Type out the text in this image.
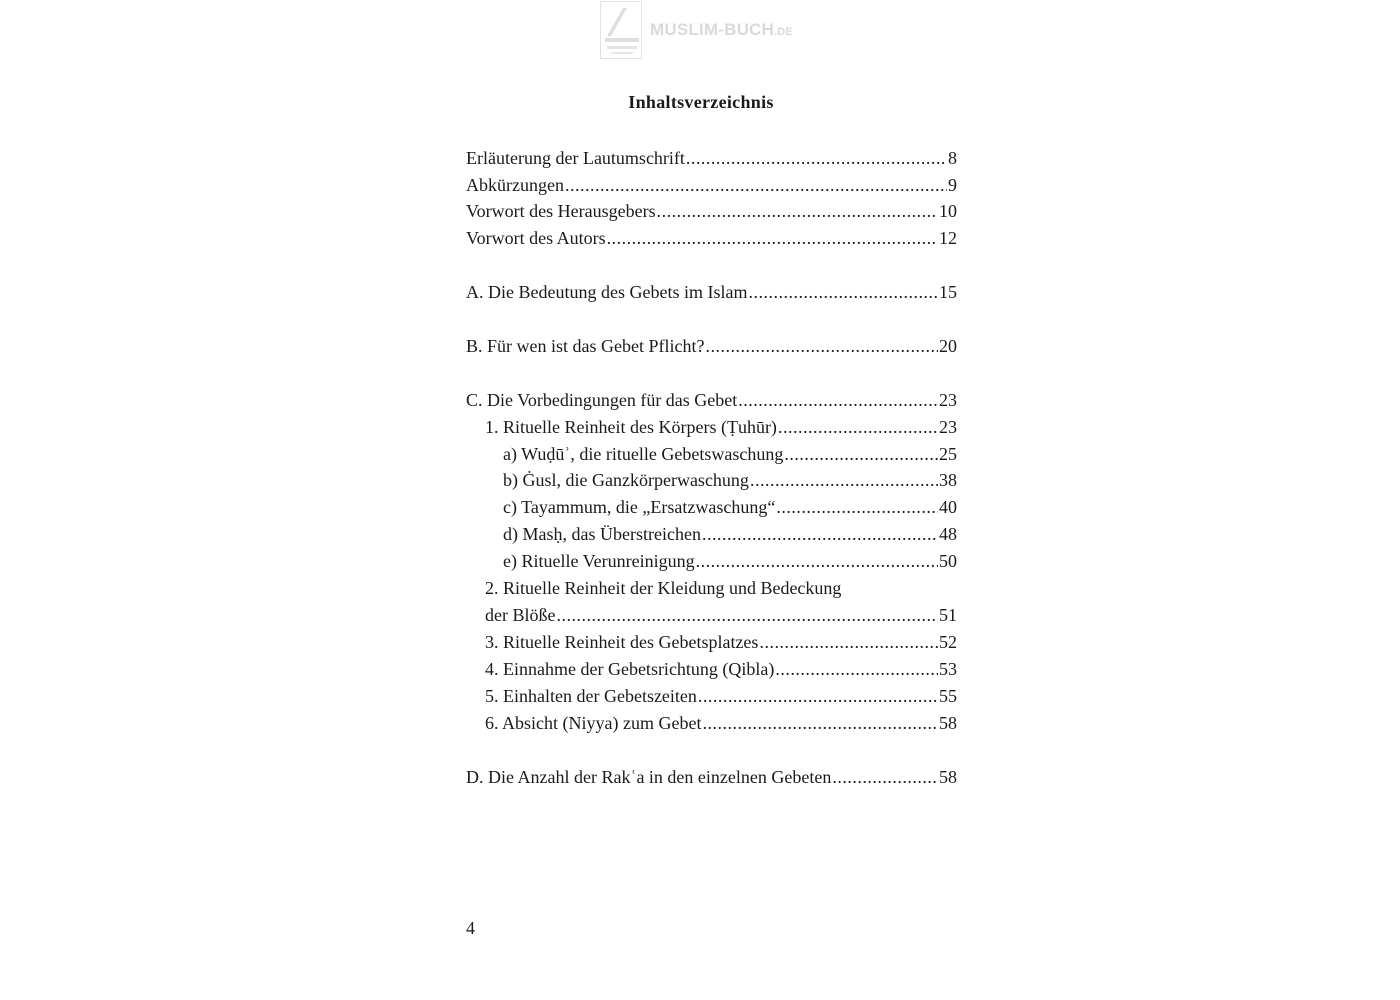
MUSLIM-BUCH.DE
Inhaltsverzeichnis
Erläuterung der Lautumschrift .....	8
Abkürzungen .....	9
Vorwort des Herausgebers .....	10
Vorwort des Autors .....	12
A. Die Bedeutung des Gebets im Islam .....	15
B. Für wen ist das Gebet Pflicht? .....	20
C. Die Vorbedingungen für das Gebet .....	23
1. Rituelle Reinheit des Körpers (Ṭuhūr) .....	23
a) Wuḍūʾ, die rituelle Gebetswaschung .....	25
b) Ġusl, die Ganzkörperwaschung .....	38
c) Tayammum, die „Ersatzwaschung“ .....	40
d) Masḥ, das Überstreichen .....	48
e) Rituelle Verunreinigung .....	50
2. Rituelle Reinheit der Kleidung und Bedeckung
der Blöße .....	51
3. Rituelle Reinheit des Gebetsplatzes .....	52
4. Einnahme der Gebetsrichtung (Qibla) .....	53
5. Einhalten der Gebetszeiten .....	55
6. Absicht (Niyya) zum Gebet .....	58
D. Die Anzahl der Rakʿa in den einzelnen Gebeten .....	58
4
